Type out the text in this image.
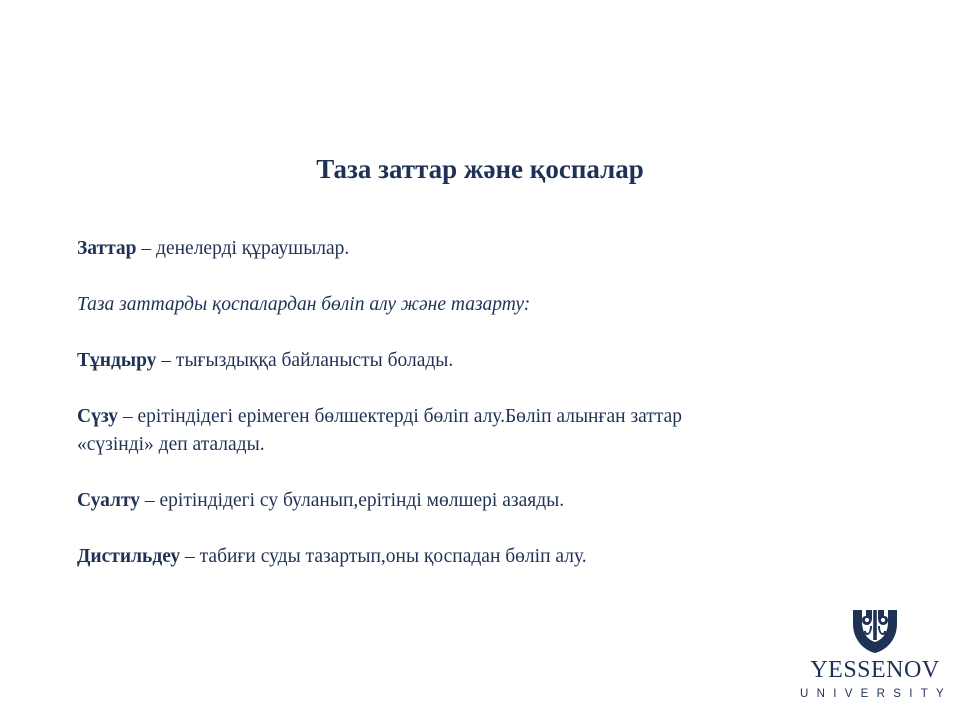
Таза заттар және қоспалар

Заттар – денелерді құраушылар.

Таза заттарды қоспалардан бөліп алу және тазарту:

Тұндыру – тығыздыққа байланысты болады.

Сүзу – ерітіндідегі ерімеген бөлшектерді бөліп алу.Бөліп алынған заттар
«сүзінді» деп аталады.

Суалту – ерітіндідегі су буланып,ерітінді мөлшері азаяды.

Дистильдеу – табиғи суды тазартып,оны қоспадан бөліп алу.

YESSENOV
UNIVERSITY
